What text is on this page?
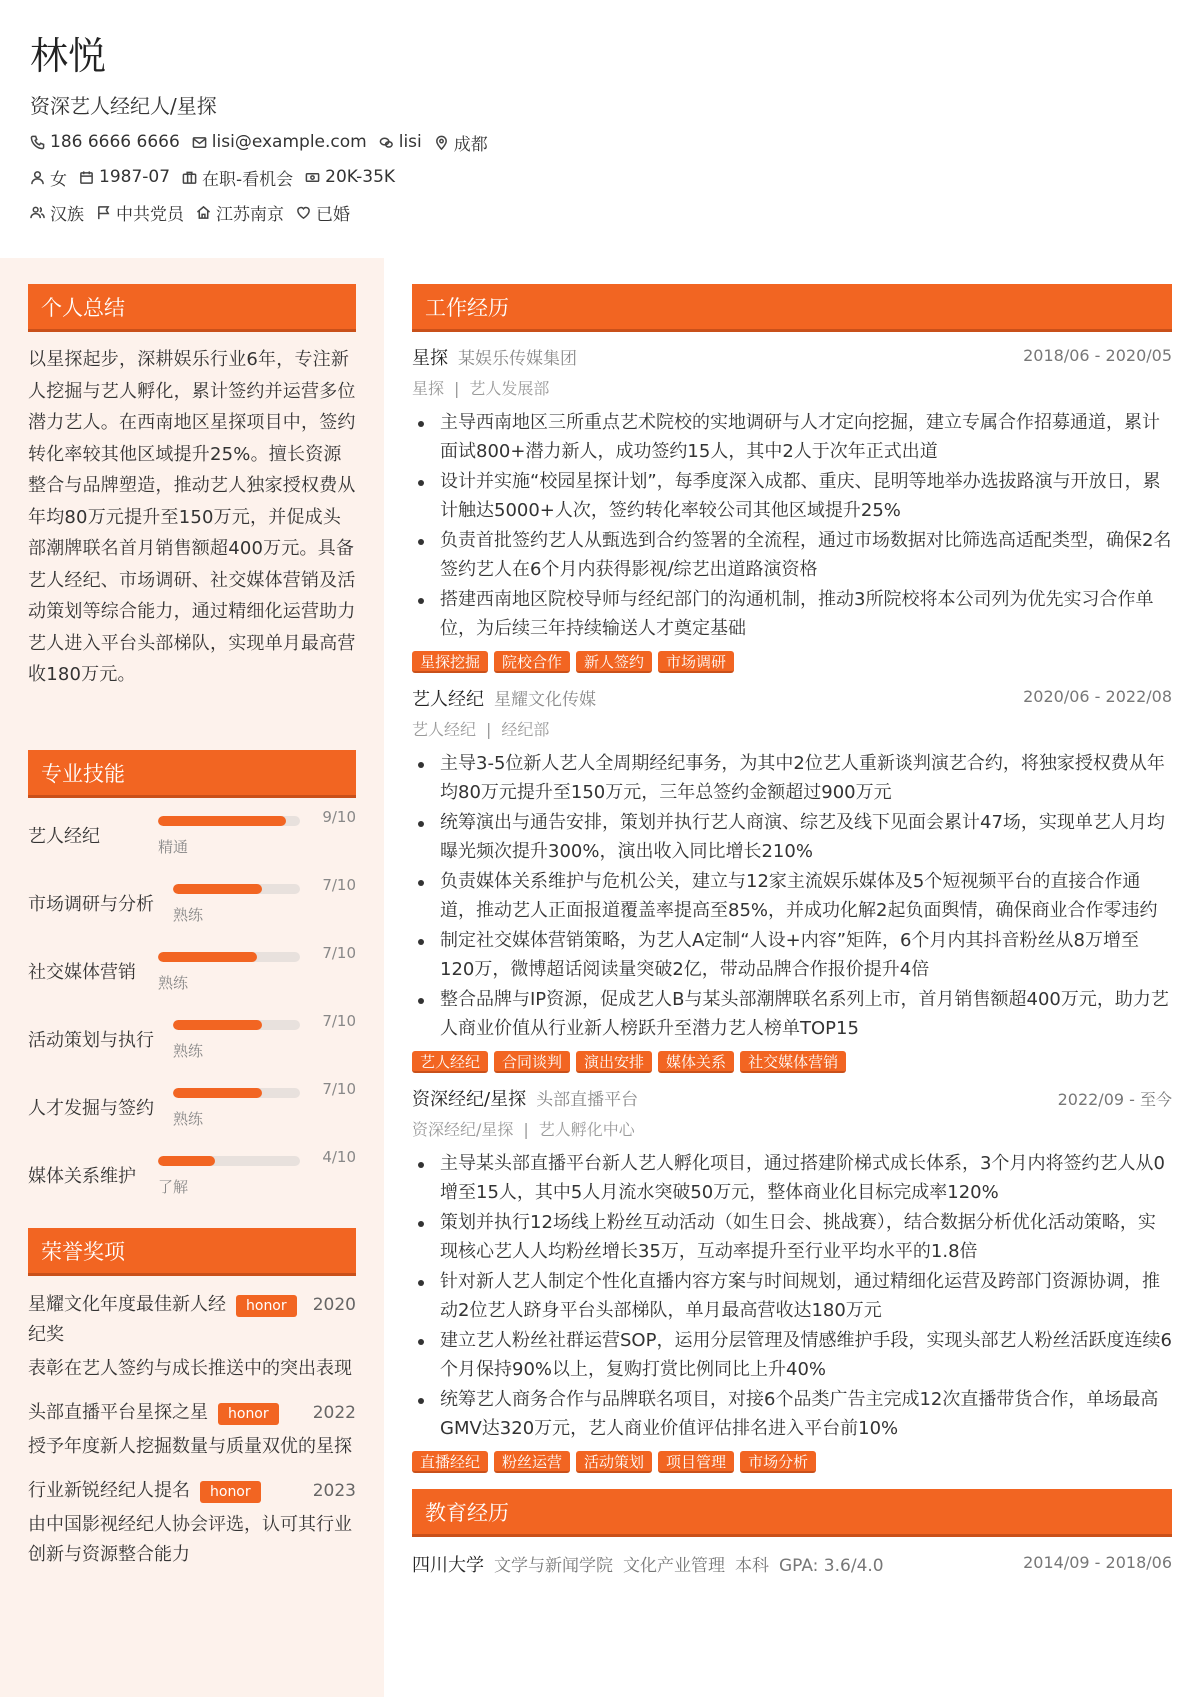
林悦
资深艺人经纪人/星探
186 6666 6666 lisi@example.com lisi 成都
女 1987-07 在职-看机会 20K-35K
汉族 中共党员 江苏南京 已婚
个人总结
以星探起步，深耕娱乐行业6年，专注新人挖掘与艺人孵化，累计签约并运营多位潜力艺人。在西南地区星探项目中，签约转化率较其他区域提升25%。擅长资源整合与品牌塑造，推动艺人独家授权费从年均80万元提升至150万元，并促成头部潮牌联名首月销售额超400万元。具备艺人经纪、市场调研、社交媒体营销及活动策划等综合能力，通过精细化运营助力艺人进入平台头部梯队，实现单月最高营收180万元。
专业技能
艺人经纪
9/10
精通
市场调研与分析
7/10
熟练
社交媒体营销
7/10
熟练
活动策划与执行
7/10
熟练
人才发掘与签约
7/10
熟练
媒体关系维护
4/10
了解
荣誉奖项
星耀文化年度最佳新人经纪奖
honor	2020
表彰在艺人签约与成长推送中的突出表现
头部直播平台星探之星	honor	2022
授予年度新人挖掘数量与质量双优的星探
行业新锐经纪人提名	honor	2023
由中国影视经纪人协会评选，认可其行业创新与资源整合能力
工作经历
星探 某娱乐传媒集团	2018/06 - 2020/05
星探 | 艺人发展部
主导西南地区三所重点艺术院校的实地调研与人才定向挖掘，建立专属合作招募通道，累计面试800+潜力新人，成功签约15人，其中2人于次年正式出道
设计并实施“校园星探计划”，每季度深入成都、重庆、昆明等地举办选拔路演与开放日，累计触达5000+人次，签约转化率较公司其他区域提升25%
负责首批签约艺人从甄选到合约签署的全流程，通过市场数据对比筛选高适配类型，确保2名签约艺人在6个月内获得影视/综艺出道路演资格
搭建西南地区院校导师与经纪部门的沟通机制，推动3所院校将本公司列为优先实习合作单位，为后续三年持续输送人才奠定基础
星探挖掘	院校合作	新人签约	市场调研
艺人经纪 星耀文化传媒	2020/06 - 2022/08
艺人经纪 | 经纪部
主导3-5位新人艺人全周期经纪事务，为其中2位艺人重新谈判演艺合约，将独家授权费从年均80万元提升至150万元，三年总签约金额超过900万元
统筹演出与通告安排，策划并执行艺人商演、综艺及线下见面会累计47场，实现单艺人月均曝光频次提升300%，演出收入同比增长210%
负责媒体关系维护与危机公关，建立与12家主流娱乐媒体及5个短视频平台的直接合作通道，推动艺人正面报道覆盖率提高至85%，并成功化解2起负面舆情，确保商业合作零违约
制定社交媒体营销策略，为艺人A定制“人设+内容”矩阵，6个月内其抖音粉丝从8万增至120万，微博超话阅读量突破2亿，带动品牌合作报价提升4倍
整合品牌与IP资源，促成艺人B与某头部潮牌联名系列上市，首月销售额超400万元，助力艺人商业价值从行业新人榜跃升至潜力艺人榜单TOP15
艺人经纪	合同谈判	演出安排	媒体关系	社交媒体营销
资深经纪/星探 头部直播平台	2022/09 - 至今
资深经纪/星探 | 艺人孵化中心
主导某头部直播平台新人艺人孵化项目，通过搭建阶梯式成长体系，3个月内将签约艺人从0增至15人，其中5人月流水突破50万元，整体商业化目标完成率120%
策划并执行12场线上粉丝互动活动（如生日会、挑战赛），结合数据分析优化活动策略，实现核心艺人人均粉丝增长35万，互动率提升至行业平均水平的1.8倍
针对新人艺人制定个性化直播内容方案与时间规划，通过精细化运营及跨部门资源协调，推动2位艺人跻身平台头部梯队，单月最高营收达180万元
建立艺人粉丝社群运营SOP，运用分层管理及情感维护手段，实现头部艺人粉丝活跃度连续6个月保持90%以上，复购打赏比例同比上升40%
统筹艺人商务合作与品牌联名项目，对接6个品类广告主完成12次直播带货合作，单场最高GMV达320万元，艺人商业价值评估排名进入平台前10%
直播经纪	粉丝运营	活动策划	项目管理	市场分析
教育经历
四川大学 文学与新闻学院 文化产业管理 本科 GPA: 3.6/4.0	2014/09 - 2018/06
